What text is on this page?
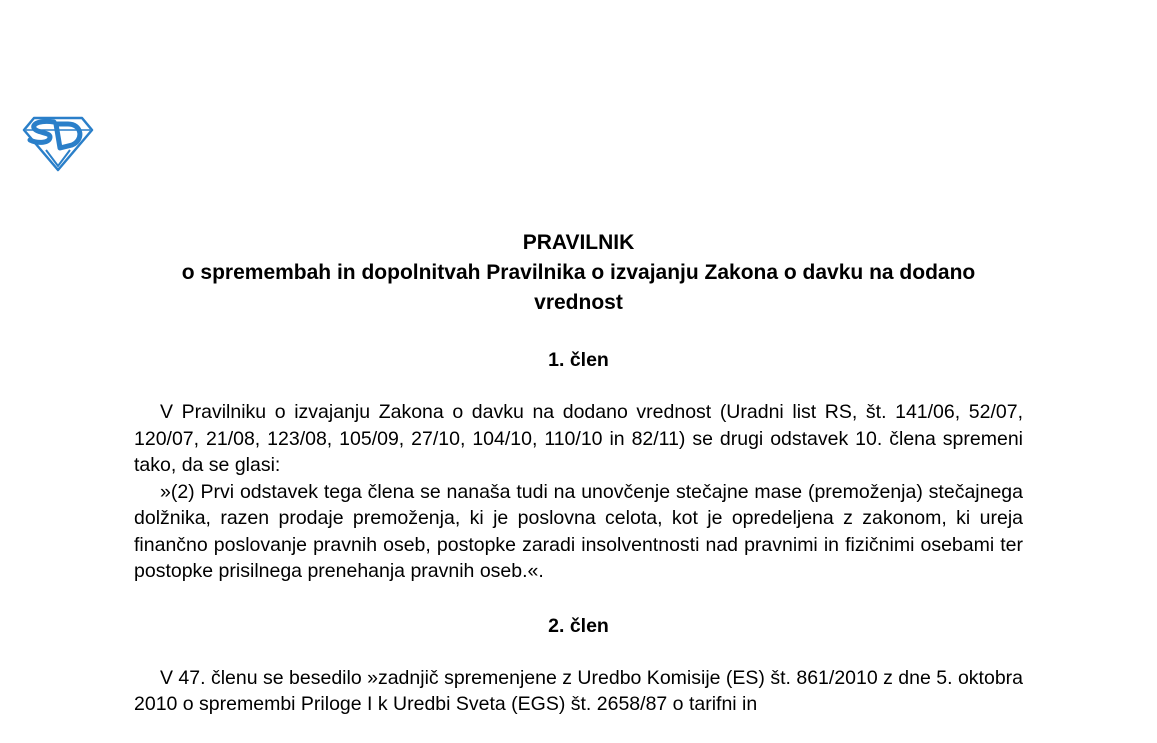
PRAVILNIK
o spremembah in dopolnitvah Pravilnika o izvajanju Zakona o davku na dodano vrednost
1. člen

V Pravilniku o izvajanju Zakona o davku na dodano vrednost (Uradni list RS, št. 141/06, 52/07, 120/07, 21/08, 123/08, 105/09, 27/10, 104/10, 110/10 in 82/11) se drugi odstavek 10. člena spremeni tako, da se glasi:

»(2) Prvi odstavek tega člena se nanaša tudi na unovčenje stečajne mase (premoženja) stečajnega dolžnika, razen prodaje premoženja, ki je poslovna celota, kot je opredeljena z zakonom, ki ureja finančno poslovanje pravnih oseb, postopke zaradi insolventnosti nad pravnimi in fizičnimi osebami ter postopke prisilnega prenehanja pravnih oseb.«.

2. člen

V 47. členu se besedilo »zadnjič spremenjene z Uredbo Komisije (ES) št. 861/2010 z dne 5. oktobra 2010 o spremembi Priloge I k Uredbi Sveta (EGS) št. 2658/87 o tarifni in
